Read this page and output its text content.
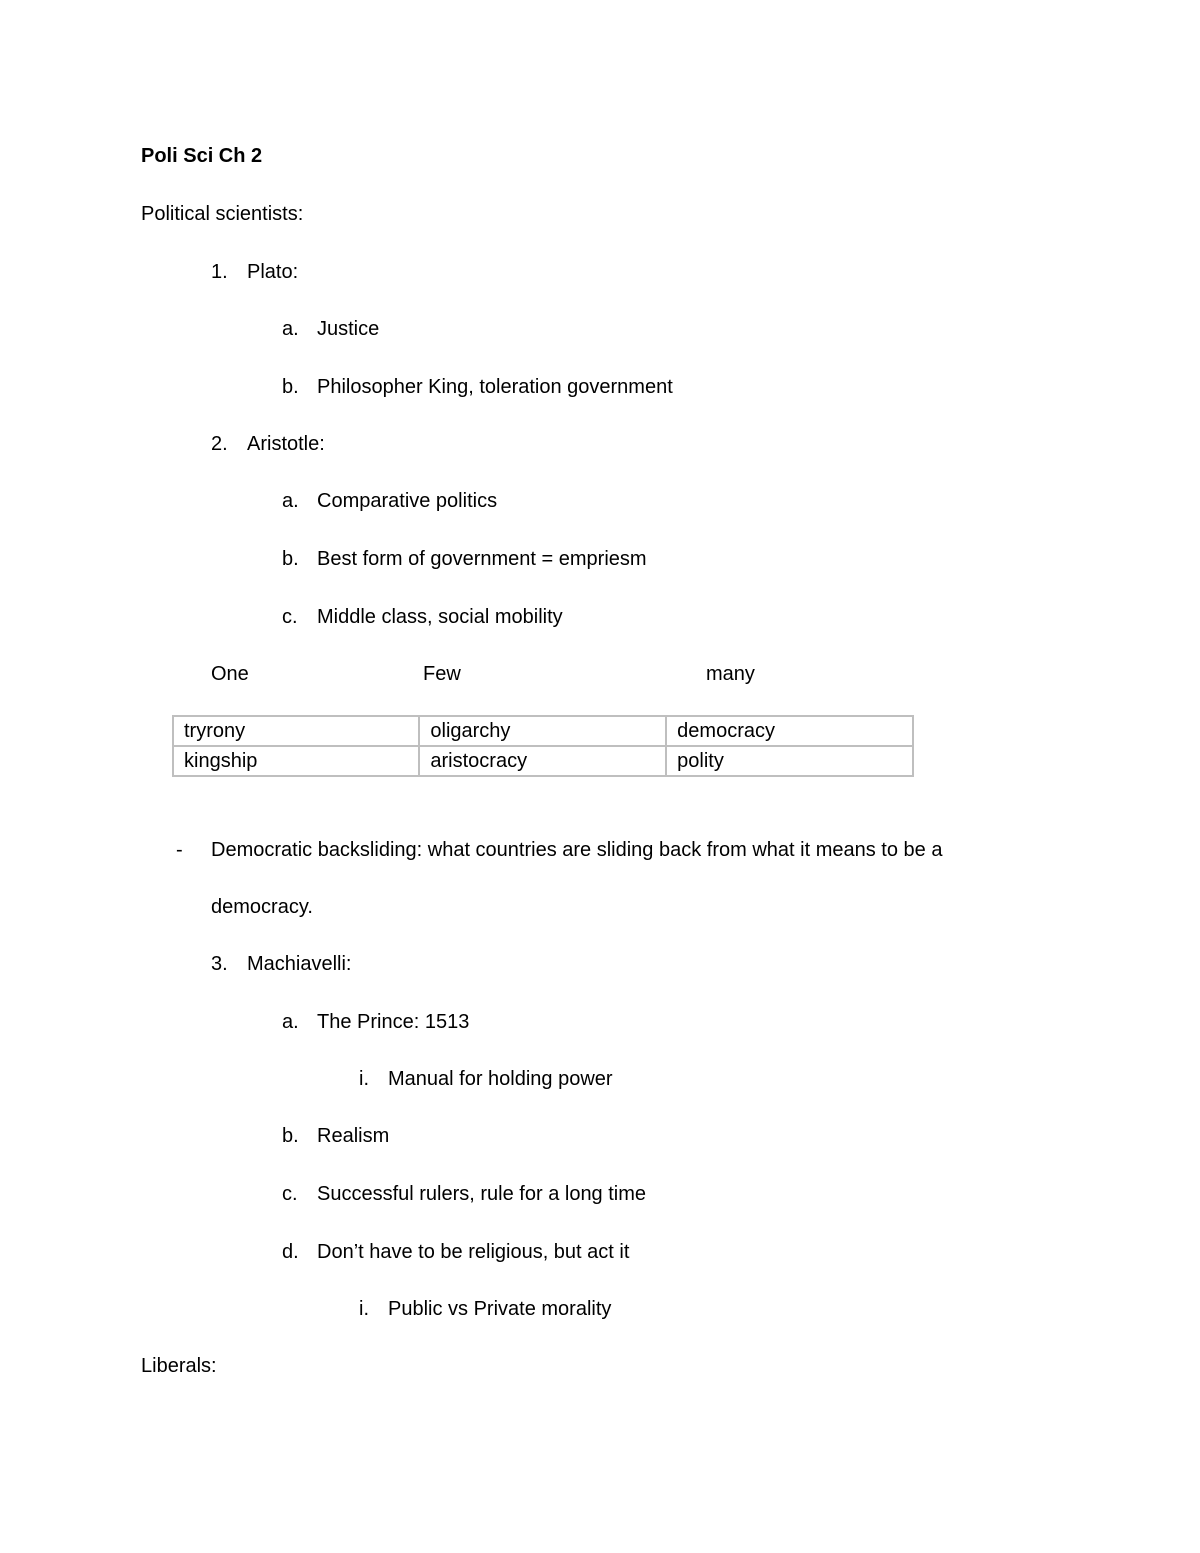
Poli Sci Ch 2
Political scientists:
1. Plato:
a. Justice
b. Philosopher King, toleration government
2. Aristotle:
a. Comparative politics
b. Best form of government = empriesm
c. Middle class, social mobility
One	Few	many
tryrony	oligarchy	democracy
kingship	aristocracy	polity
- Democratic backsliding: what countries are sliding back from what it means to be a
democracy.
3. Machiavelli:
a. The Prince: 1513
i. Manual for holding power
b. Realism
c. Successful rulers, rule for a long time
d. Don’t have to be religious, but act it
i. Public vs Private morality
Liberals:
